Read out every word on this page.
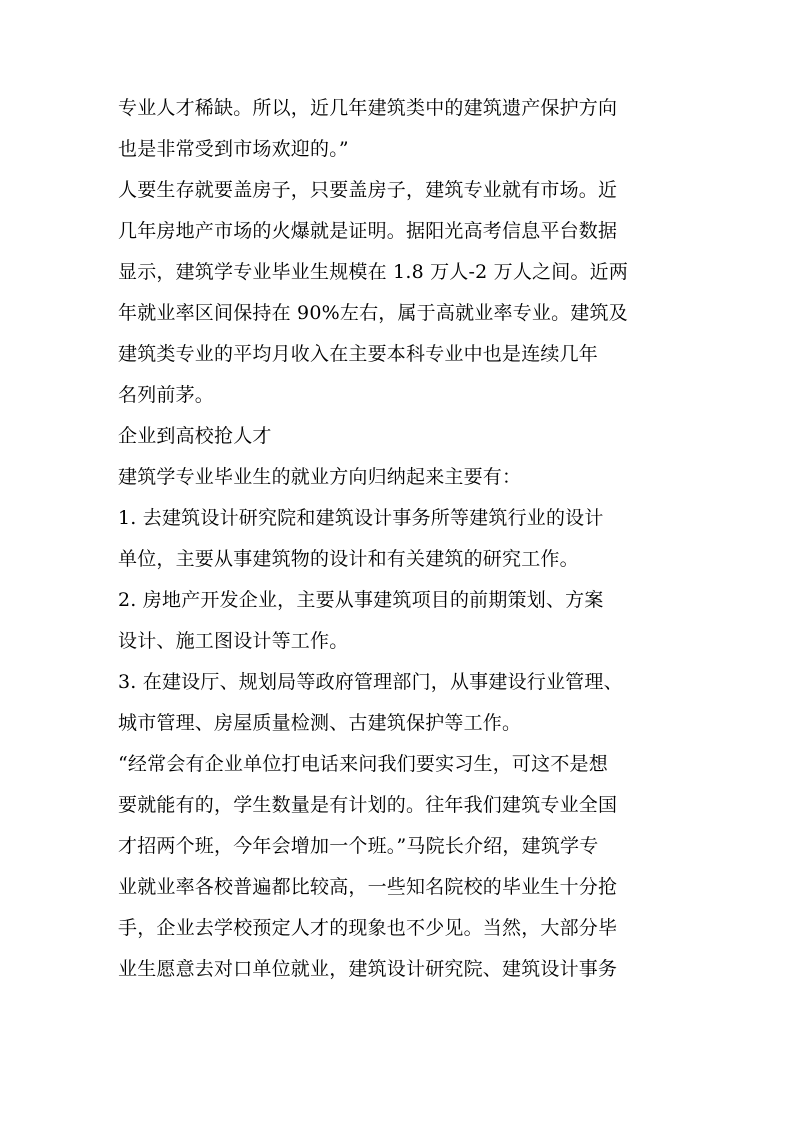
专业人才稀缺。所以，近几年建筑类中的建筑遗产保护方向
也是非常受到市场欢迎的。”
人要生存就要盖房子，只要盖房子，建筑专业就有市场。近
几年房地产市场的火爆就是证明。据阳光高考信息平台数据
显示，建筑学专业毕业生规模在 1.8 万人-2 万人之间。近两
年就业率区间保持在 90%左右，属于高就业率专业。建筑及
建筑类专业的平均月收入在主要本科专业中也是连续几年
名列前茅。
企业到高校抢人才
建筑学专业毕业生的就业方向归纳起来主要有：
1. 去建筑设计研究院和建筑设计事务所等建筑行业的设计
单位，主要从事建筑物的设计和有关建筑的研究工作。
2. 房地产开发企业，主要从事建筑项目的前期策划、方案
设计、施工图设计等工作。
3. 在建设厅、规划局等政府管理部门，从事建设行业管理、
城市管理、房屋质量检测、古建筑保护等工作。
“经常会有企业单位打电话来问我们要实习生，可这不是想
要就能有的，学生数量是有计划的。往年我们建筑专业全国
才招两个班，今年会增加一个班。”马院长介绍，建筑学专
业就业率各校普遍都比较高，一些知名院校的毕业生十分抢
手，企业去学校预定人才的现象也不少见。当然，大部分毕
业生愿意去对口单位就业，建筑设计研究院、建筑设计事务
